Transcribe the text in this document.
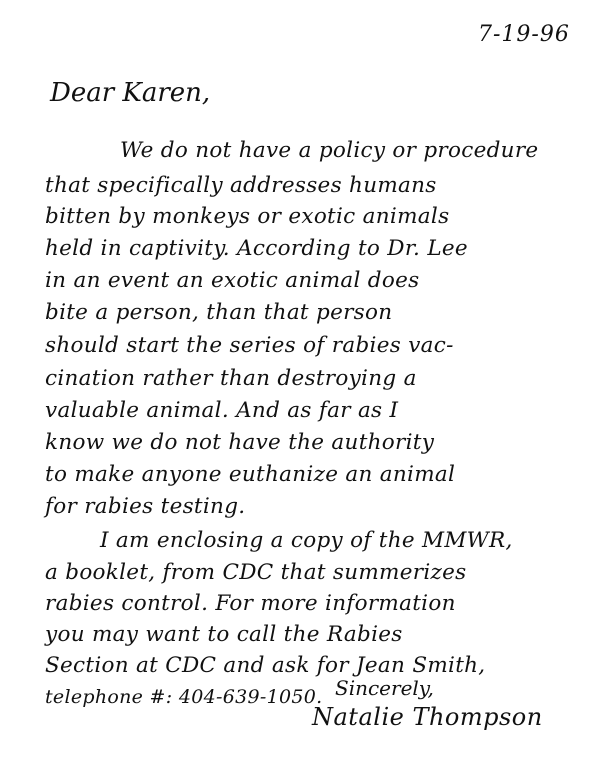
7-19-96
Dear Karen,
We do not have a policy or procedure
that specifically addresses humans
bitten by monkeys or exotic animals
held in captivity. According to Dr. Lee
in an event an exotic animal does
bite a person, than that person
should start the series of rabies vac-
cination rather than destroying a
valuable animal. And as far as I
know we do not have the authority
to make anyone euthanize an animal
for rabies testing.
I am enclosing a copy of the MMWR,
a booklet, from CDC that summerizes
rabies control. For more information
you may want to call the Rabies
Section at CDC and ask for Jean Smith,
telephone #: 404-639-1050. Sincerely,
Natalie Thompson
